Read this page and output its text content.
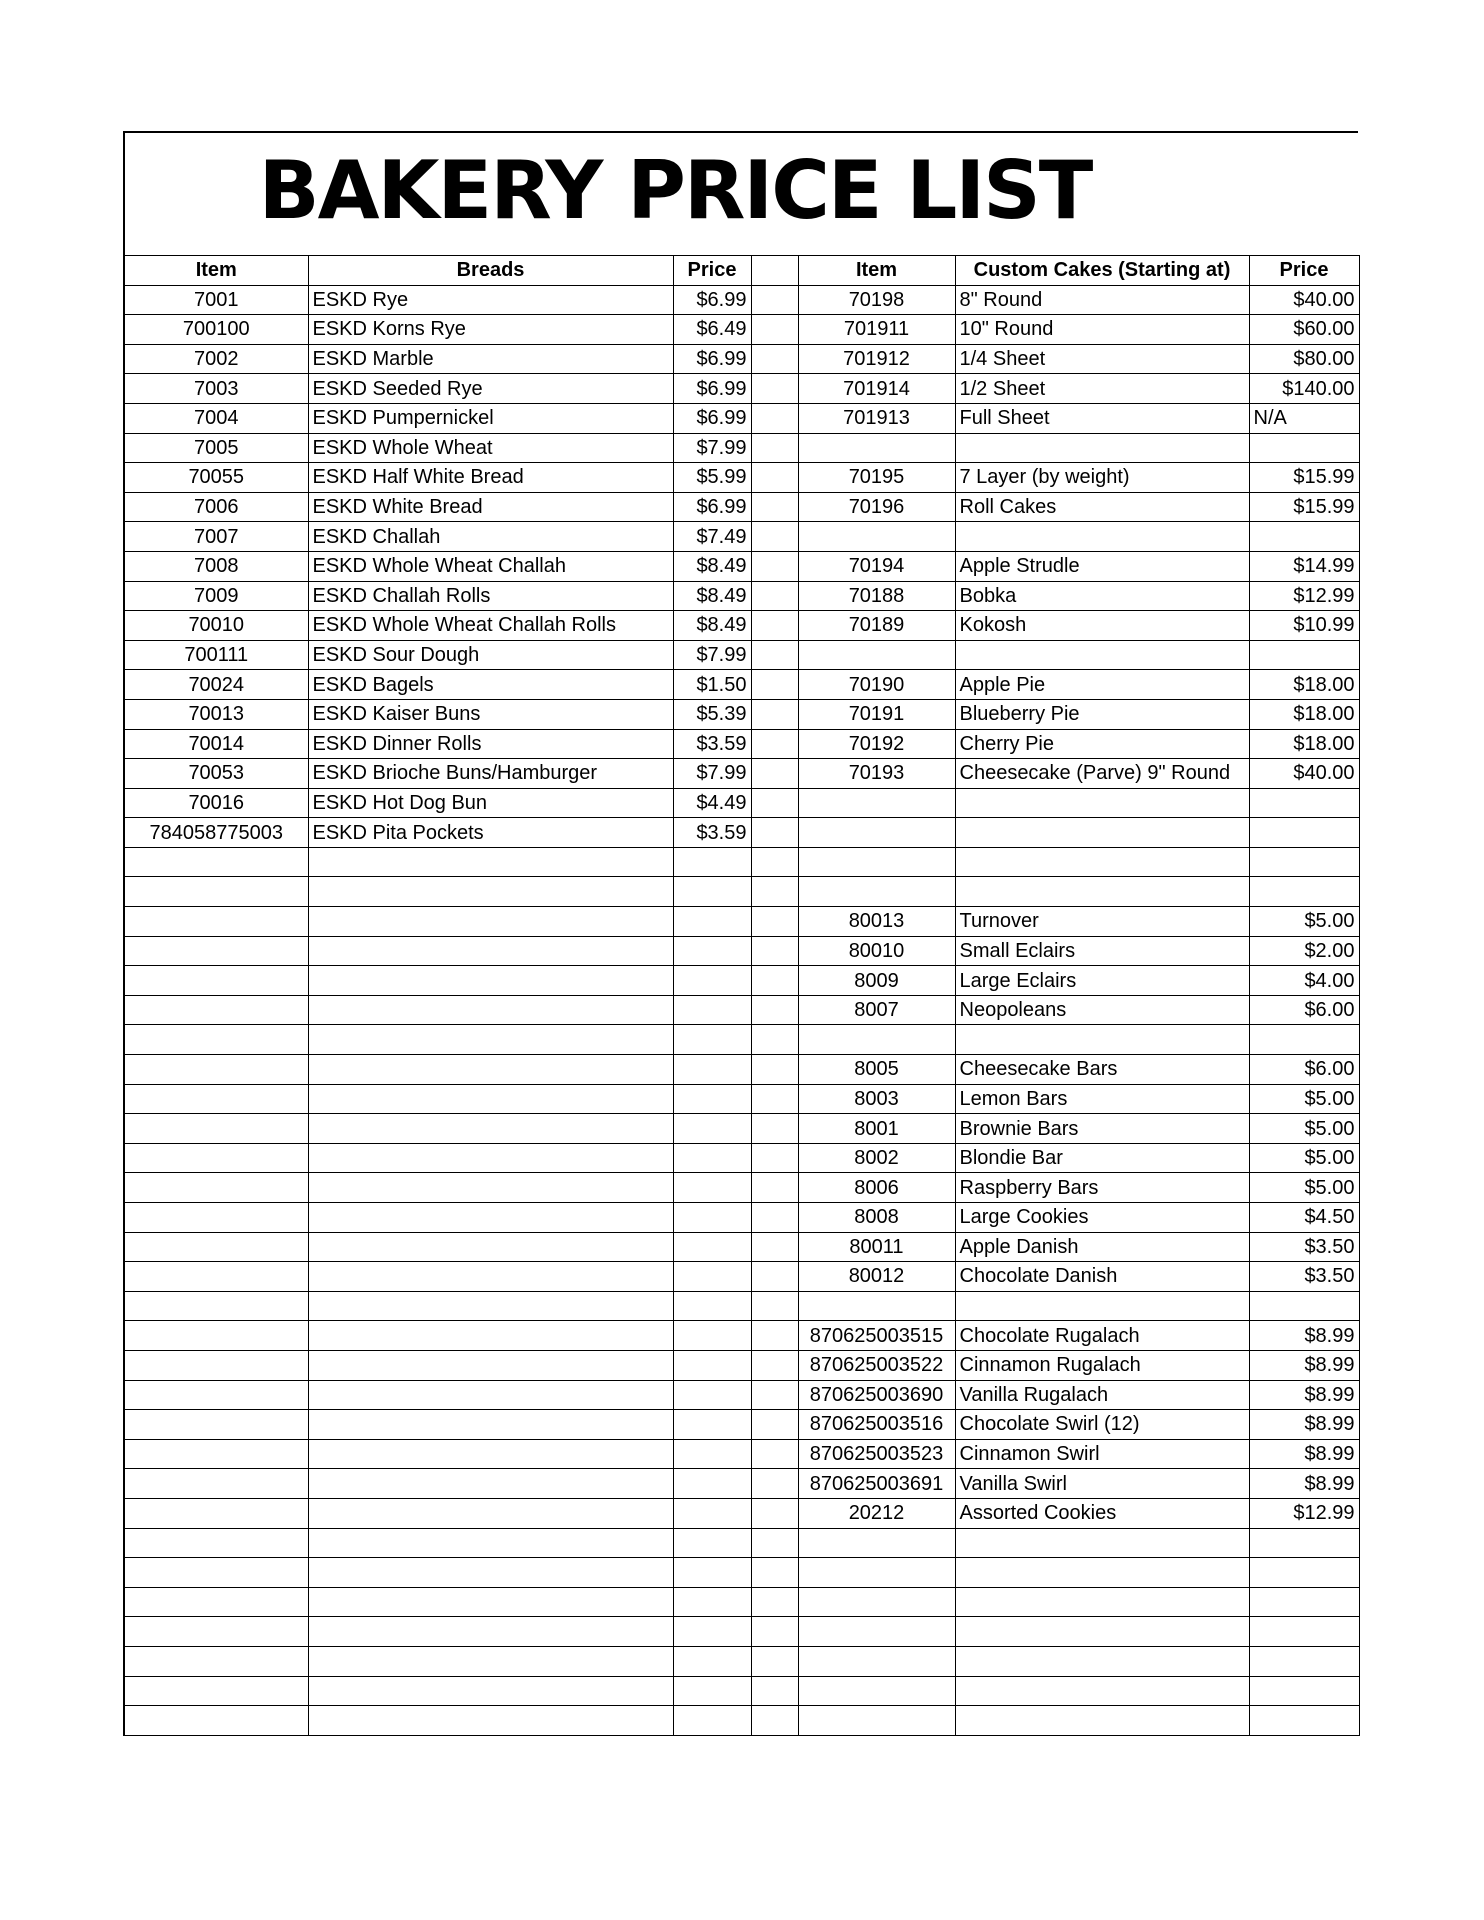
BAKERY PRICE LIST
Item	Breads	Price		Item	Custom Cakes (Starting at)	Price
7001	ESKD Rye	$6.99		70198	8" Round	$40.00
700100	ESKD Korns Rye	$6.49		701911	10" Round	$60.00
7002	ESKD Marble	$6.99		701912	1/4 Sheet	$80.00
7003	ESKD Seeded Rye	$6.99		701914	1/2 Sheet	$140.00
7004	ESKD Pumpernickel	$6.99		701913	Full Sheet	N/A
7005	ESKD Whole Wheat	$7.99				
70055	ESKD Half White Bread	$5.99		70195	7 Layer (by weight)	$15.99
7006	ESKD White Bread	$6.99		70196	Roll Cakes	$15.99
7007	ESKD Challah	$7.49				
7008	ESKD Whole Wheat Challah	$8.49		70194	Apple Strudle	$14.99
7009	ESKD Challah Rolls	$8.49		70188	Bobka	$12.99
70010	ESKD Whole Wheat Challah Rolls	$8.49		70189	Kokosh	$10.99
700111	ESKD Sour Dough	$7.99				
70024	ESKD Bagels	$1.50		70190	Apple Pie	$18.00
70013	ESKD Kaiser Buns	$5.39		70191	Blueberry Pie	$18.00
70014	ESKD Dinner Rolls	$3.59		70192	Cherry Pie	$18.00
70053	ESKD Brioche Buns/Hamburger	$7.99		70193	Cheesecake (Parve) 9" Round	$40.00
70016	ESKD Hot Dog Bun	$4.49				
784058775003	ESKD Pita Pockets	$3.59				

				80013	Turnover	$5.00
				80010	Small Eclairs	$2.00
				8009	Large Eclairs	$4.00
				8007	Neopoleans	$6.00

				8005	Cheesecake Bars	$6.00
				8003	Lemon Bars	$5.00
				8001	Brownie Bars	$5.00
				8002	Blondie Bar	$5.00
				8006	Raspberry Bars	$5.00
				8008	Large Cookies	$4.50
				80011	Apple Danish	$3.50
				80012	Chocolate Danish	$3.50

				870625003515	Chocolate Rugalach	$8.99
				870625003522	Cinnamon Rugalach	$8.99
				870625003690	Vanilla Rugalach	$8.99
				870625003516	Chocolate Swirl (12)	$8.99
				870625003523	Cinnamon Swirl	$8.99
				870625003691	Vanilla Swirl	$8.99
				20212	Assorted Cookies	$12.99
